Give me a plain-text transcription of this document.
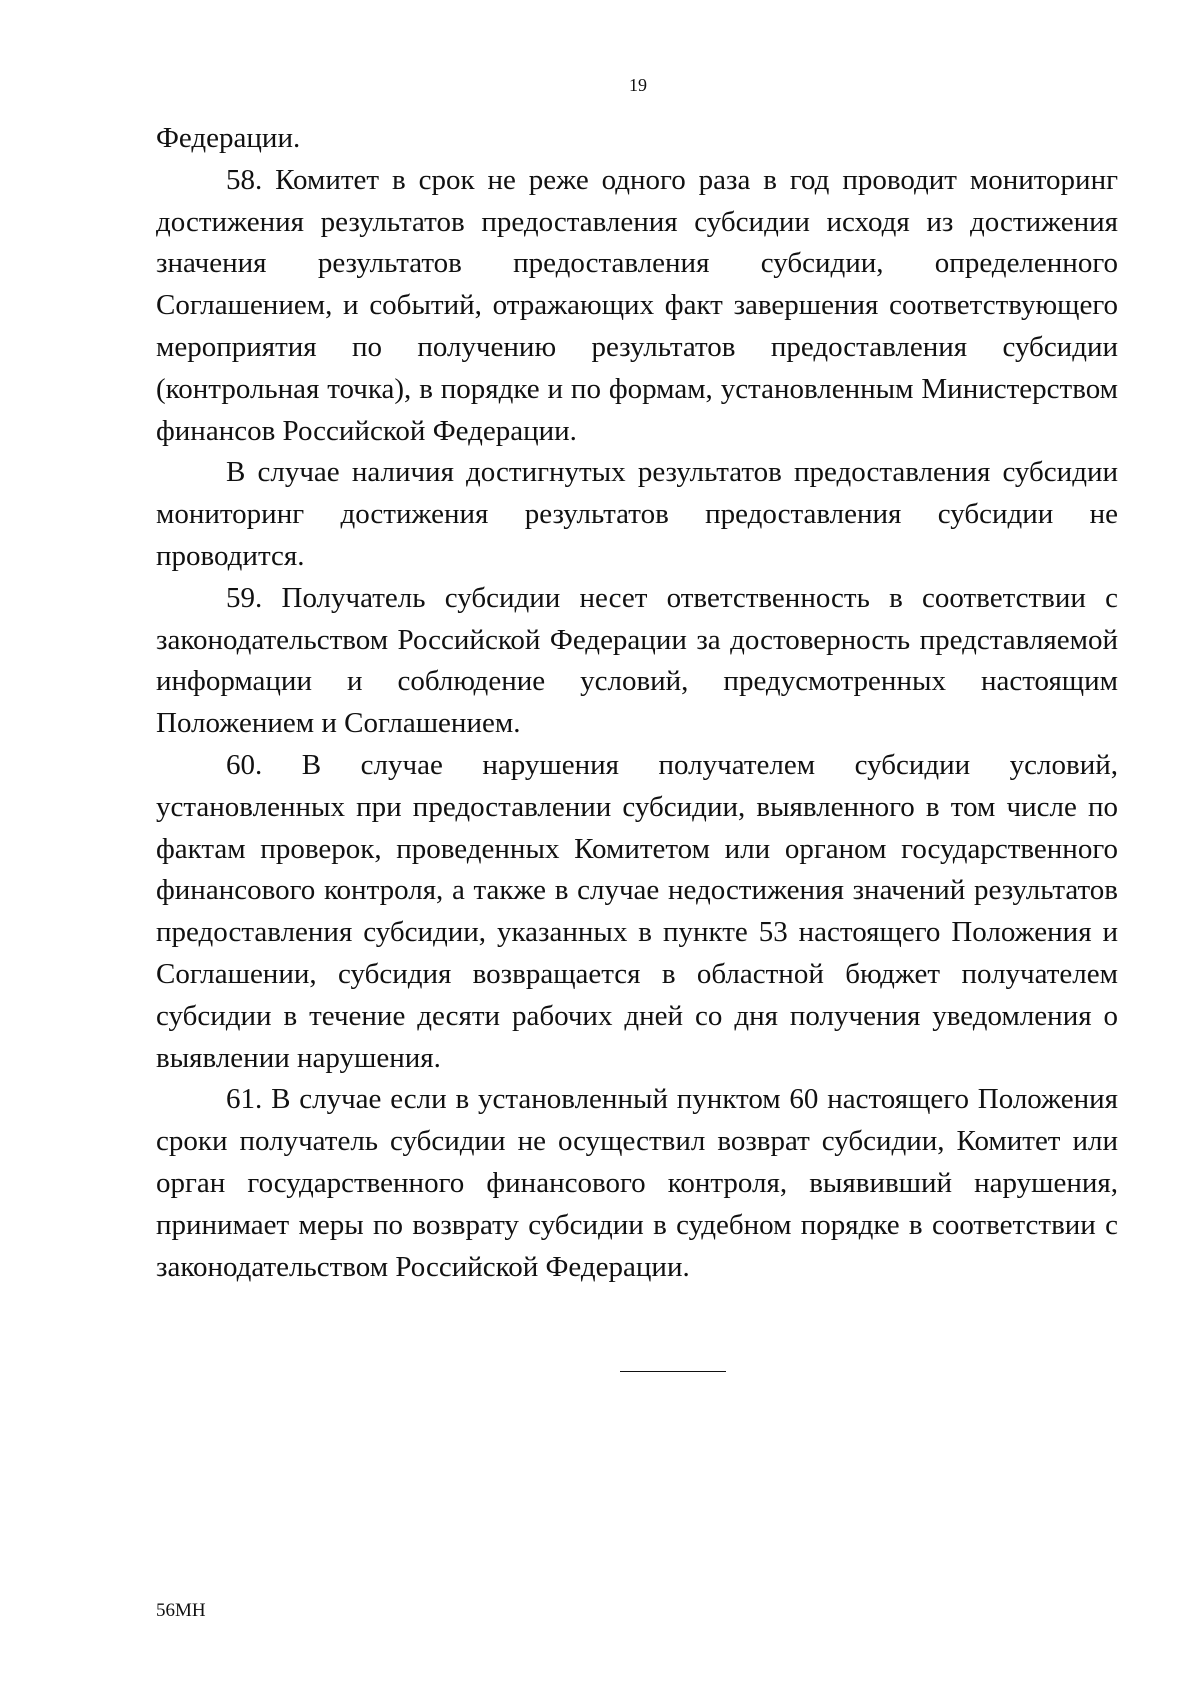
19

Федерации.

58. Комитет в срок не реже одного раза в год проводит мониторинг достижения результатов предоставления субсидии исходя из достижения значения результатов предоставления субсидии, определенного Соглашением, и событий, отражающих факт завершения соответствующего мероприятия по получению результатов предоставления субсидии (контрольная точка), в порядке и по формам, установленным Министерством финансов Российской Федерации.

В случае наличия достигнутых результатов предоставления субсидии мониторинг достижения результатов предоставления субсидии не проводится.

59. Получатель субсидии несет ответственность в соответствии с законодательством Российской Федерации за достоверность представляемой информации и соблюдение условий, предусмотренных настоящим Положением и Соглашением.

60. В случае нарушения получателем субсидии условий, установленных при предоставлении субсидии, выявленного в том числе по фактам проверок, проведенных Комитетом или органом государственного финансового контроля, а также в случае недостижения значений результатов предоставления субсидии, указанных в пункте 53 настоящего Положения и Соглашении, субсидия возвращается в областной бюджет получателем субсидии в течение десяти рабочих дней со дня получения уведомления о выявлении нарушения.

61. В случае если в установленный пунктом 60 настоящего Положения сроки получатель субсидии не осуществил возврат субсидии, Комитет или орган государственного финансового контроля, выявивший нарушения, принимает меры по возврату субсидии в судебном порядке в соответствии с законодательством Российской Федерации.

56МН
